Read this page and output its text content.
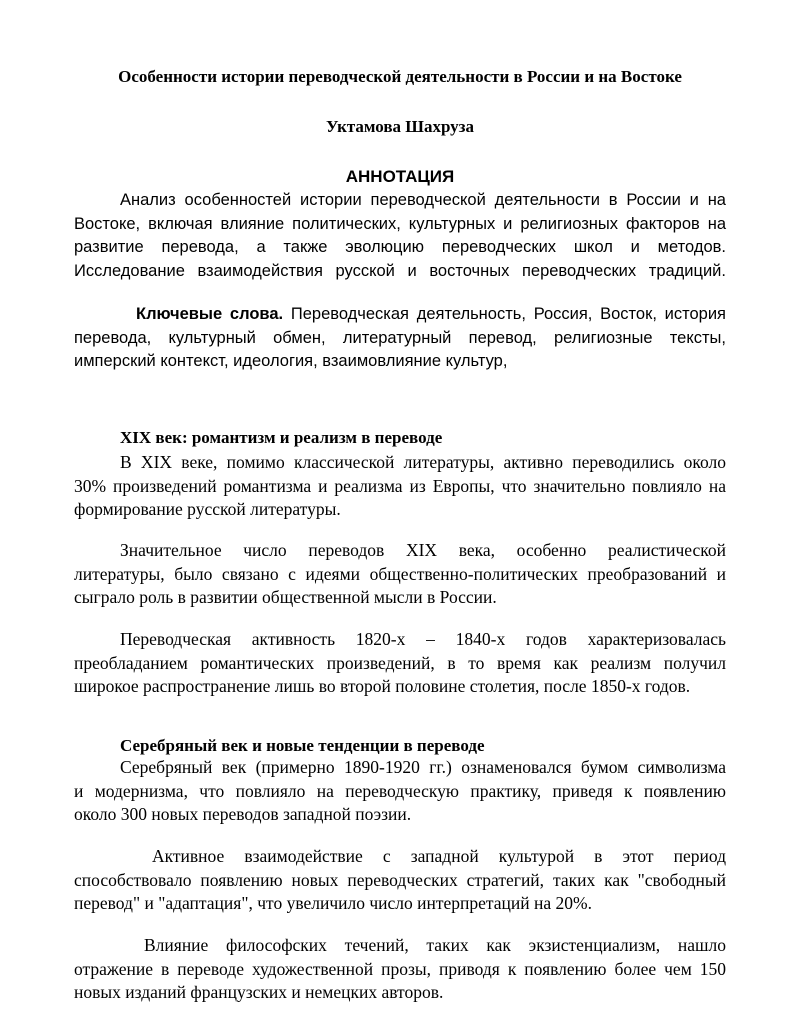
Особенности истории переводческой деятельности в России и на Востоке
Уктамова Шахруза
АННОТАЦИЯ
Анализ особенностей истории переводческой деятельности в России и на
Востоке, включая влияние политических, культурных и религиозных факторов на
развитие перевода, а также эволюцию переводческих школ и методов.
Исследование взаимодействия русской и восточных переводческих традиций.
Ключевые слова. Переводческая деятельность, Россия, Восток, история
перевода, культурный обмен, литературный перевод, религиозные тексты,
имперский контекст, идеология, взаимовлияние культур,
XIX век: романтизм и реализм в переводе
В XIX веке, помимо классической литературы, активно переводились около
30% произведений романтизма и реализма из Европы, что значительно повлияло на
формирование русской литературы.
Значительное число переводов XIX века, особенно реалистической
литературы, было связано с идеями общественно-политических преобразований и
сыграло роль в развитии общественной мысли в России.
Переводческая активность 1820-х – 1840-х годов характеризовалась
преобладанием романтических произведений, в то время как реализм получил
широкое распространение лишь во второй половине столетия, после 1850-х годов.
Серебряный век и новые тенденции в переводе
Серебряный век (примерно 1890-1920 гг.) ознаменовался бумом символизма
и модернизма, что повлияло на переводческую практику, приведя к появлению
около 300 новых переводов западной поэзии.
Активное взаимодействие с западной культурой в этот период
способствовало появлению новых переводческих стратегий, таких как "свободный
перевод" и "адаптация", что увеличило число интерпретаций на 20%.
Влияние философских течений, таких как экзистенциализм, нашло
отражение в переводе художественной прозы, приводя к появлению более чем 150
новых изданий французских и немецких авторов.
